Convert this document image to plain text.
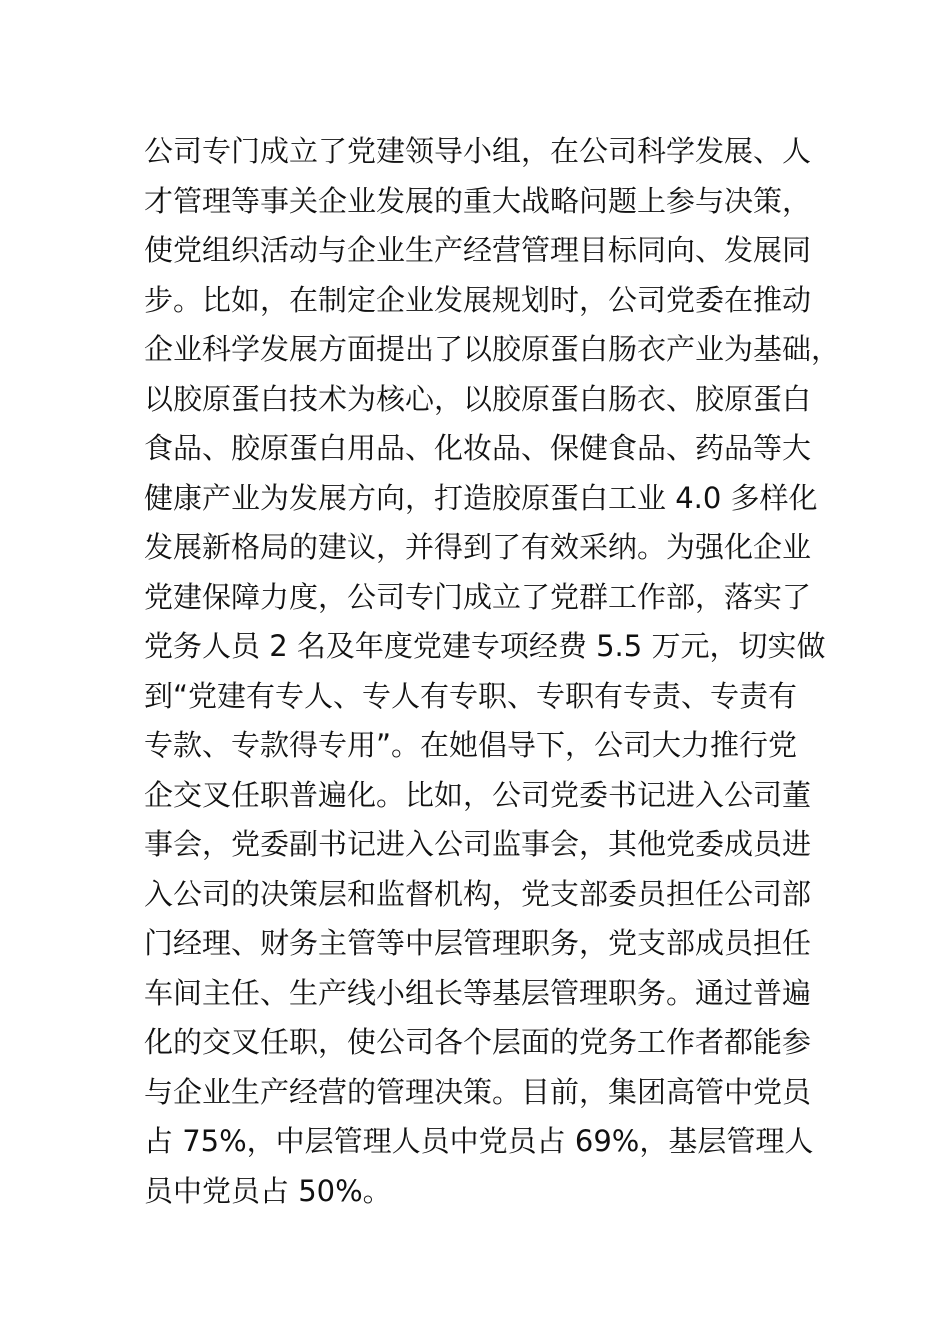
公司专门成立了党建领导小组，在公司科学发展、人
才管理等事关企业发展的重大战略问题上参与决策，
使党组织活动与企业生产经营管理目标同向、发展同
步。比如，在制定企业发展规划时，公司党委在推动
企业科学发展方面提出了以胶原蛋白肠衣产业为基础，
以胶原蛋白技术为核心，以胶原蛋白肠衣、胶原蛋白
食品、胶原蛋白用品、化妆品、保健食品、药品等大
健康产业为发展方向，打造胶原蛋白工业 4.0 多样化
发展新格局的建议，并得到了有效采纳。为强化企业
党建保障力度，公司专门成立了党群工作部，落实了
党务人员 2 名及年度党建专项经费 5.5 万元，切实做
到“党建有专人、专人有专职、专职有专责、专责有
专款、专款得专用”。在她倡导下，公司大力推行党
企交叉任职普遍化。比如，公司党委书记进入公司董
事会，党委副书记进入公司监事会，其他党委成员进
入公司的决策层和监督机构，党支部委员担任公司部
门经理、财务主管等中层管理职务，党支部成员担任
车间主任、生产线小组长等基层管理职务。通过普遍
化的交叉任职，使公司各个层面的党务工作者都能参
与企业生产经营的管理决策。目前，集团高管中党员
占 75%，中层管理人员中党员占 69%，基层管理人
员中党员占 50%。
